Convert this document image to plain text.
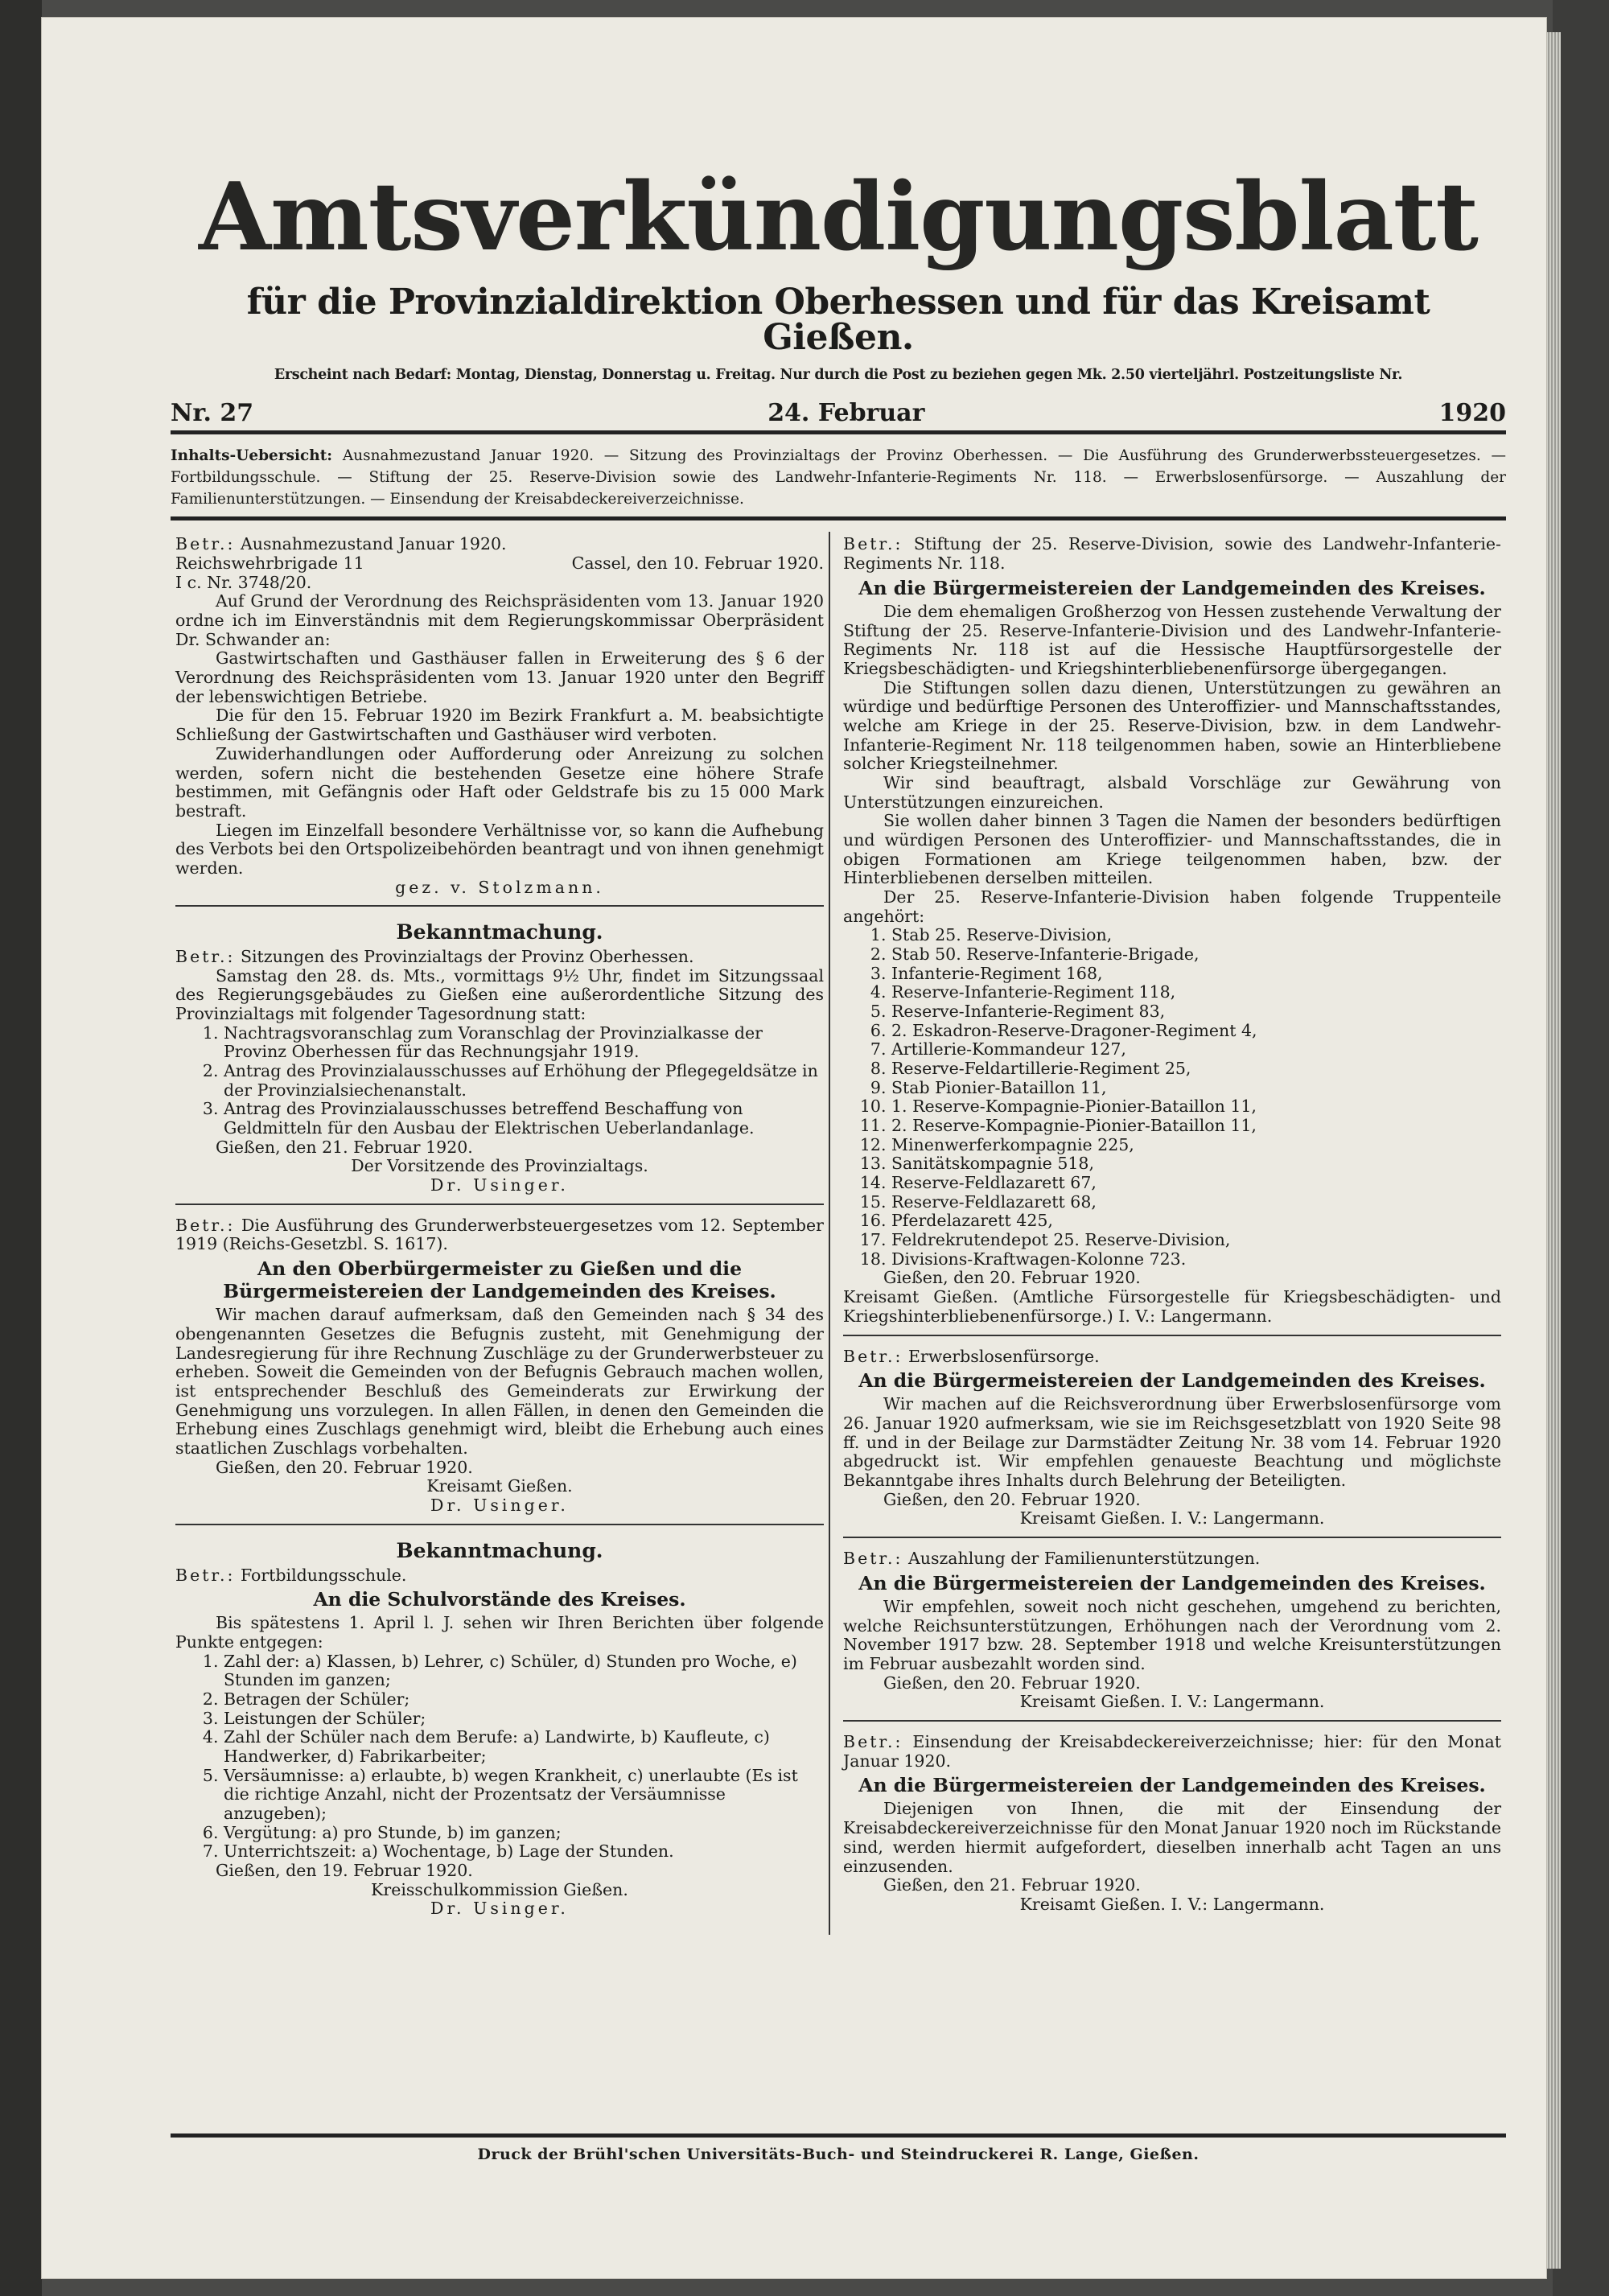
Amtsverkündigungsblatt
für die Provinzialdirektion Oberhessen und für das Kreisamt Gießen.
Erscheint nach Bedarf: Montag, Dienstag, Donnerstag u. Freitag. Nur durch die Post zu beziehen gegen Mk. 2.50 vierteljährl. Postzeitungsliste Nr.
Nr. 27	24. Februar	1920
Inhalts-Uebersicht: Ausnahmezustand Januar 1920. — Sitzung des Provinzialtags der Provinz Oberhessen. — Die Ausführung des Grunderwerbssteuergesetzes. — Fortbildungsschule. — Stiftung der 25. Reserve-Division sowie des Landwehr-Infanterie-Regiments Nr. 118. — Erwerbslosenfürsorge. — Auszahlung der Familienunterstützungen. — Einsendung der Kreisabdeckereiverzeichnisse.

Betr.: Ausnahmezustand Januar 1920.

Reichswehrbrigade 11	Cassel, den 10. Februar 1920.

I c. Nr. 3748/20.

Auf Grund der Verordnung des Reichspräsidenten vom 13. Januar 1920 ordne ich im Einverständnis mit dem Regierungskommissar Oberpräsident Dr. Schwander an:

Gastwirtschaften und Gasthäuser fallen in Erweiterung des § 6 der Verordnung des Reichspräsidenten vom 13. Januar 1920 unter den Begriff der lebenswichtigen Betriebe.

Die für den 15. Februar 1920 im Bezirk Frankfurt a. M. beabsichtigte Schließung der Gastwirtschaften und Gasthäuser wird verboten.

Zuwiderhandlungen oder Aufforderung oder Anreizung zu solchen werden, sofern nicht die bestehenden Gesetze eine höhere Strafe bestimmen, mit Gefängnis oder Haft oder Geldstrafe bis zu 15 000 Mark bestraft.

Liegen im Einzelfall besondere Verhältnisse vor, so kann die Aufhebung des Verbots bei den Ortspolizeibehörden beantragt und von ihnen genehmigt werden.

gez. v. Stolzmann.

Bekanntmachung.

Betr.: Sitzungen des Provinzialtags der Provinz Oberhessen.

Samstag den 28. ds. Mts., vormittags 9½ Uhr, findet im Sitzungssaal des Regierungsgebäudes zu Gießen eine außerordentliche Sitzung des Provinzialtags mit folgender Tagesordnung statt:

1. Nachtragsvoranschlag zum Voranschlag der Provinzialkasse der Provinz Oberhessen für das Rechnungsjahr 1919.
2. Antrag des Provinzialausschusses auf Erhöhung der Pflegegeldsätze in der Provinzialsiechenanstalt.
3. Antrag des Provinzialausschusses betreffend Beschaffung von Geldmitteln für den Ausbau der Elektrischen Ueberlandanlage.

Gießen, den 21. Februar 1920.

Der Vorsitzende des Provinzialtags.

Dr. Usinger.

Betr.: Die Ausführung des Grunderwerbsteuergesetzes vom 12. September 1919 (Reichs-Gesetzbl. S. 1617).

An den Oberbürgermeister zu Gießen und die Bürgermeistereien der Landgemeinden des Kreises.

Wir machen darauf aufmerksam, daß den Gemeinden nach § 34 des obengenannten Gesetzes die Befugnis zusteht, mit Genehmigung der Landesregierung für ihre Rechnung Zuschläge zu der Grunderwerbsteuer zu erheben. Soweit die Gemeinden von der Befugnis Gebrauch machen wollen, ist entsprechender Beschluß des Gemeinderats zur Erwirkung der Genehmigung uns vorzulegen. In allen Fällen, in denen den Gemeinden die Erhebung eines Zuschlags genehmigt wird, bleibt die Erhebung auch eines staatlichen Zuschlags vorbehalten.

Gießen, den 20. Februar 1920.

Kreisamt Gießen.

Dr. Usinger.

Bekanntmachung.

Betr.: Fortbildungsschule.

An die Schulvorstände des Kreises.

Bis spätestens 1. April l. J. sehen wir Ihren Berichten über folgende Punkte entgegen:

1. Zahl der: a) Klassen, b) Lehrer, c) Schüler, d) Stunden pro Woche, e) Stunden im ganzen;
2. Betragen der Schüler;
3. Leistungen der Schüler;
4. Zahl der Schüler nach dem Berufe: a) Landwirte, b) Kaufleute, c) Handwerker, d) Fabrikarbeiter;
5. Versäumnisse: a) erlaubte, b) wegen Krankheit, c) unerlaubte (Es ist die richtige Anzahl, nicht der Prozentsatz der Versäumnisse anzugeben);
6. Vergütung: a) pro Stunde, b) im ganzen;
7. Unterrichtszeit: a) Wochentage, b) Lage der Stunden.

Gießen, den 19. Februar 1920.

Kreisschulkommission Gießen.

Dr. Usinger.

Betr.: Stiftung der 25. Reserve-Division, sowie des Landwehr-Infanterie-Regiments Nr. 118.

An die Bürgermeistereien der Landgemeinden des Kreises.

Die dem ehemaligen Großherzog von Hessen zustehende Verwaltung der Stiftung der 25. Reserve-Infanterie-Division und des Landwehr-Infanterie-Regiments Nr. 118 ist auf die Hessische Hauptfürsorgestelle der Kriegsbeschädigten- und Kriegshinterbliebenenfürsorge übergegangen.

Die Stiftungen sollen dazu dienen, Unterstützungen zu gewähren an würdige und bedürftige Personen des Unteroffizier- und Mannschaftsstandes, welche am Kriege in der 25. Reserve-Division, bzw. in dem Landwehr-Infanterie-Regiment Nr. 118 teilgenommen haben, sowie an Hinterbliebene solcher Kriegsteilnehmer.

Wir sind beauftragt, alsbald Vorschläge zur Gewährung von Unterstützungen einzureichen.

Sie wollen daher binnen 3 Tagen die Namen der besonders bedürftigen und würdigen Personen des Unteroffizier- und Mannschaftsstandes, die in obigen Formationen am Kriege teilgenommen haben, bzw. der Hinterbliebenen derselben mitteilen.

Der 25. Reserve-Infanterie-Division haben folgende Truppenteile angehört:

1. Stab 25. Reserve-Division,
2. Stab 50. Reserve-Infanterie-Brigade,
3. Infanterie-Regiment 168,
4. Reserve-Infanterie-Regiment 118,
5. Reserve-Infanterie-Regiment 83,
6. 2. Eskadron-Reserve-Dragoner-Regiment 4,
7. Artillerie-Kommandeur 127,
8. Reserve-Feldartillerie-Regiment 25,
9. Stab Pionier-Bataillon 11,
10. 1. Reserve-Kompagnie-Pionier-Bataillon 11,
11. 2. Reserve-Kompagnie-Pionier-Bataillon 11,
12. Minenwerferkompagnie 225,
13. Sanitätskompagnie 518,
14. Reserve-Feldlazarett 67,
15. Reserve-Feldlazarett 68,
16. Pferdelazarett 425,
17. Feldrekrutendepot 25. Reserve-Division,
18. Divisions-Kraftwagen-Kolonne 723.

Gießen, den 20. Februar 1920.

Kreisamt Gießen. (Amtliche Fürsorgestelle für Kriegsbeschädigten- und Kriegshinterbliebenenfürsorge.) I. V.: Langermann.

Betr.: Erwerbslosenfürsorge.

An die Bürgermeistereien der Landgemeinden des Kreises.

Wir machen auf die Reichsverordnung über Erwerbslosenfürsorge vom 26. Januar 1920 aufmerksam, wie sie im Reichsgesetzblatt von 1920 Seite 98 ff. und in der Beilage zur Darmstädter Zeitung Nr. 38 vom 14. Februar 1920 abgedruckt ist. Wir empfehlen genaueste Beachtung und möglichste Bekanntgabe ihres Inhalts durch Belehrung der Beteiligten.

Gießen, den 20. Februar 1920.

Kreisamt Gießen. I. V.: Langermann.

Betr.: Auszahlung der Familienunterstützungen.

An die Bürgermeistereien der Landgemeinden des Kreises.

Wir empfehlen, soweit noch nicht geschehen, umgehend zu berichten, welche Reichsunterstützungen, Erhöhungen nach der Verordnung vom 2. November 1917 bzw. 28. September 1918 und welche Kreisunterstützungen im Februar ausbezahlt worden sind.

Gießen, den 20. Februar 1920.

Kreisamt Gießen. I. V.: Langermann.

Betr.: Einsendung der Kreisabdeckereiverzeichnisse; hier: für den Monat Januar 1920.

An die Bürgermeistereien der Landgemeinden des Kreises.

Diejenigen von Ihnen, die mit der Einsendung der Kreisabdeckereiverzeichnisse für den Monat Januar 1920 noch im Rückstande sind, werden hiermit aufgefordert, dieselben innerhalb acht Tagen an uns einzusenden.

Gießen, den 21. Februar 1920.

Kreisamt Gießen. I. V.: Langermann.

Druck der Brühl'schen Universitäts-Buch- und Steindruckerei R. Lange, Gießen.
